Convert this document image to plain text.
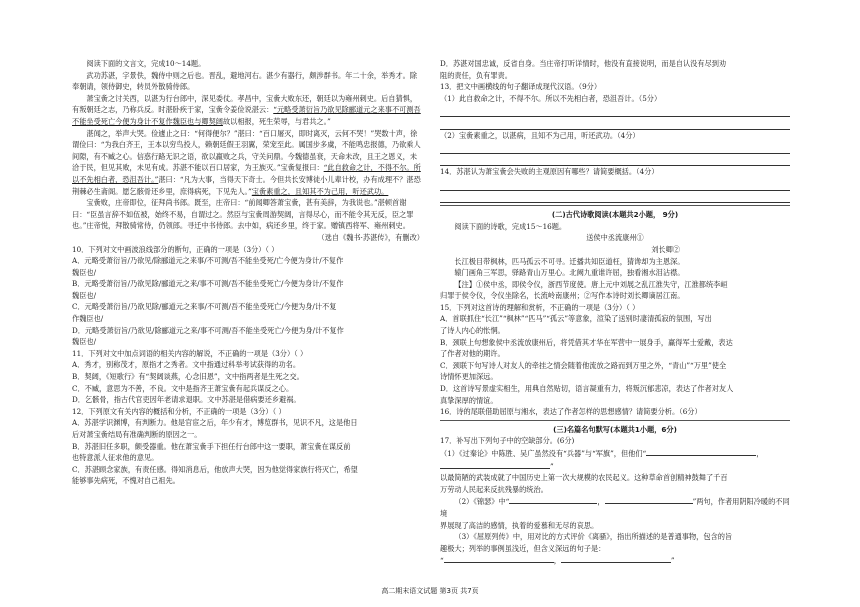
阅读下面的文言文，完成10～14题。

武功苏湛，字景佚，魏侍中则之后也。晋乱，避地河右。湛少有器行，颇涉群书。年二十余，举秀才。除奉朝请，领侍御史，转员外散骑侍郎。

萧宝夤之讨关西，以湛为行台郎中，深见委仗。孝昌中，宝夤大败东还，朝廷以为雍州刺史。后自猜惧，有叛朝廷之志，乃称兵反。时湛卧疾于家，宝夤令姜俭说湛云：“元略受萧衍旨乃欲见除郦道元之来事不可测吾不能坐受死亡今便为身计不复作魏臣也与卿契阔故以相报，死生荣辱，与君共之。”

湛闻之，举声大哭。俭遽止之曰：“何得便尔？”湛曰：“百口屠灭，即时离灭，云何不哭！”哭数十声，徐谓俭曰：“为我白齐王，王本以穷鸟投人，赖朝廷假王羽翼，荣宠至此。属国步多虞，不能鸣忠报德，乃欲乘人间隙，有不臧之心。信惑行路无识之语，欲以羸败之兵，守关问鼎。今魏德虽衰，天命未改，且王之恩义，未洽于民，但见其败，未见有成。苏湛不能以百口居家，为王族灭。”宝夤复报曰：“此自救命之计，不得不尔。所以不先相白者，恐沮吾计。”湛曰：“凡为大事，当得天下奇士。今但共长安博徒小儿辈计校，办有成理不？湛恐荆棘必生斋阁。愿乞骸骨还乡里，庶得病死，下见先人。”宝夤素重之，且知其不为己用，听还武功。

宝夤败，庄帝即位，征拜尚书郎。既至，庄帝曰：“前闻卿答萧宝夤，甚有美辞，为我说也。”湛顿首谢曰：“臣虽言辞不如伍被，始终不易，自谓过之。然臣与宝夤周游契阔，言得尽心，而不能令其无反，臣之罪也。”庄帝悦，拜散骑常侍，仍领郎。寻迁中书侍郎。去中如，病还乡里，终于家。赠镇西将军、雍州刺史。

（选自《魏书·苏湛传》，有删改）

10．下列对文中画波浪线部分的断句，正确的一项是（3分）（ ）

A．元略受萧衍旨/乃欲见/除郦道元之来事/不可测/吾不能坐受死/亡今便为身计/不复作

魏臣也/

B．元略受萧衍旨/乃欲见除/郦道元之来/事不可测/吾不能坐受死亡/今便为身计/不复作

魏臣也/

C．元略受萧衍旨/乃欲见除/郦道元之来事/不可测/吾不能坐受死亡/今便为身/计不复

作魏臣也/

D．元略受萧衍旨/乃欲见/除郦道元之来/事不可测/吾不能坐受死亡/今便为身/计不复作

魏臣也/

11．下列对文中加点词语的相关内容的解说，不正确的一项是（3分）（ ）

A．秀才，别称茂才，原指才之秀者。文中指通过科举考试获得的功名。

B．契阔，《短歌行》有“契阔谈燕，心念旧恩”，文中指两者是生死之交。

C．不臧，意思为不善，不良。文中是指齐王萧宝夤有起兵谋反之心。

D．乞骸骨，指古代官吏因年老请求退职。文中苏湛是借病要还乡避祸。

12．下列原文有关内容的概括和分析，不正确的一项是（3分）（ ）

A．苏湛学识渊博，有判断力。他是官宦之后，年少有才，博览群书，见识不凡，这是他日

后对萧宝夤结局有准确判断的原因之一。

B．苏湛旧任多职，颇受器重。他在萧宝夤手下担任行台郎中这一要职，萧宝夤在谋反前

也特意派人征求他的意见。

C．苏湛顾念家族，有责任感。得知消息后，他放声大哭，因为他觉得家族行将灭亡，希望

能够事先病死，不愧对自己祖先。

D．苏湛对国忠诚，反省自身。当庄帝打听详情时，他没有直接说明，而是自认没有尽到劝

阻的责任，负有罪责。

13．把文中画横线的句子翻译成现代汉语。（9分）

（1）此自救命之计，不得不尔。所以不先相白者，恐沮吾计。（5分）

（2）宝夤素重之，以湛病，且知不为己用，听还武功。（4分）

14．苏湛认为萧宝夤会失败的主观原因有哪些？请简要概括。（4分）

(二)古代诗歌阅读(本题共2小题， 9分)

阅读下面的诗歌，完成15～16题。

送侯中丞流康州①

刘长卿②

长江极目带枫林，匹马孤云不可寻。迁播共知臣道枉，猜谗却为主恩深。

辕门画角三军思，驿路青山万里心。北阙九重谁许屈，独看湘水泪沾襟。

【注】①侯中丞，即侯令仪，浙西节度使。唐上元中刘展之乱江淮失守，江淮都统李峘

归罪于侯令仪，令仪坐除名，长流岭南康州；②写作本诗时刘长卿谪居江南。

15．下列对这首诗的理解和赏析，不正确的一项是（3分）（ ）

A．首联抓住“长江”“枫林”“匹马”“孤云”等意象，渲染了送别时凄清孤寂的氛围，写出

了诗人内心的怅惘。

B．颈联上句想象侯中丞流放康州后，将凭借其才华在军营中一展身手，赢得军士爱戴，表达

了作者对他的期许。

C．颈联下句写诗人对友人的牵挂之情会随着他流放之路而到万里之外，“青山”“万里”使全

诗情怀更加深远。

D．这首诗写景虚实相生，用典自然贴切，语言凝重有力，将叛沉郁悲凉，表达了作者对友人

真挚深厚的情谊。

16．诗的尾联借助屈原与湘水，表达了作者怎样的思想感情？请简要分析。（6分）

(三)名篇名句默写(本题共1小题，6分)

17．补写出下列句子中的空缺部分。(6分)

（1）《过秦论》中陈胜、吴广虽然没有“兵器”与“军旗”，但他们“	，”

以最简陋的武装成就了中国历史上第一次大规模的农民起义。这种草命首创精神鼓舞了千百

万劳动人民起来反抗残暴的统治。

（2）《锦瑟》中“	，	”两句，作者用阴阳冷暖的不同境

界展现了高洁的感情，执着的爱慕和无尽的哀思。

（3）《屈原列传》中，用对比的方式评价《离骚》，指出所描述的是普通事物，包含的旨

趣极大；列举的事例虽浅近，但含义深远的句子是：

“	，	”

高二期末语文试题 第3页 共7页
